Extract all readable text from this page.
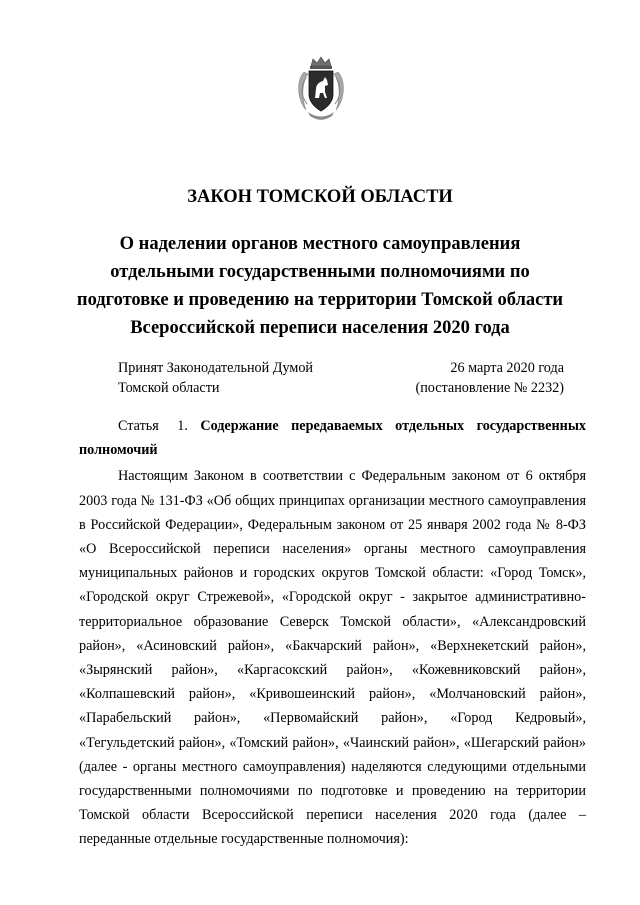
ЗАКОН ТОМСКОЙ ОБЛАСТИ
О наделении органов местного самоуправления отдельными государственными полномочиями по подготовке и проведению на территории Томской области Всероссийской переписи населения 2020 года
Принят Законодательной Думой
Томской области
26 марта 2020 года
(постановление № 2232)
Статья 1. Содержание передаваемых отдельных государственных полномочий

Настоящим Законом в соответствии с Федеральным законом от 6 октября 2003 года № 131-ФЗ «Об общих принципах организации местного самоуправления в Российской Федерации», Федеральным законом от 25 января 2002 года № 8-ФЗ «О Всероссийской переписи населения» органы местного самоуправления муниципальных районов и городских округов Томской области: «Город Томск», «Городской округ Стрежевой», «Городской округ - закрытое административно-территориальное образование Северск Томской области», «Александровский район», «Асиновский район», «Бакчарский район», «Верхнекетский район», «Зырянский район», «Каргасокский район», «Кожевниковский район», «Колпашевский район», «Кривошеинский район», «Молчановский район», «Парабельский район», «Первомайский район», «Город Кедровый», «Тегульдетский район», «Томский район», «Чаинский район», «Шегарский район» (далее - органы местного самоуправления) наделяются следующими отдельными государственными полномочиями по подготовке и проведению на территории Томской области Всероссийской переписи населения 2020 года (далее – переданные отдельные государственные полномочия):
